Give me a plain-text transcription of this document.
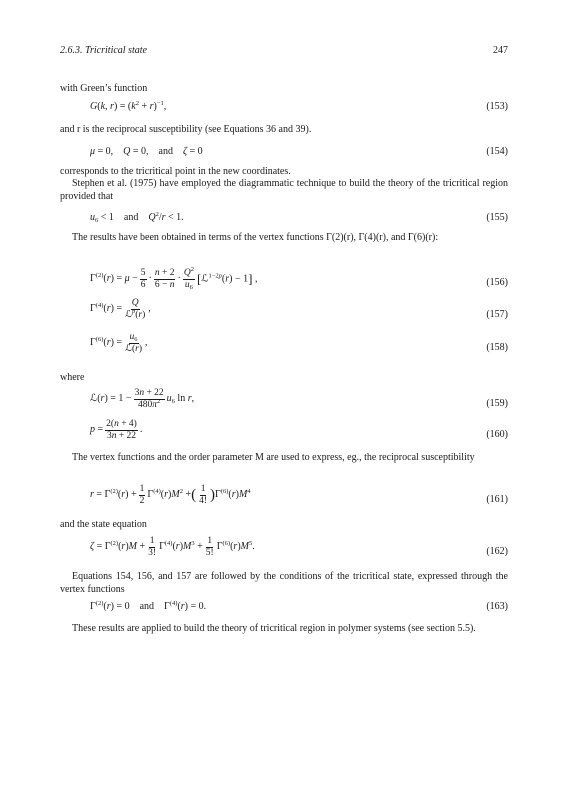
2.6.3. Tricritical state	247
with Green’s function
G(k, $r) = (k^2 + r)^{-1}$,	(153)
and r is the reciprocal susceptibility (see Equations 36 and 39).
μ = 0,    Q = 0,    and    ζ = 0	(154)
corresponds to the tricritical point in the new coordinates.
Stephen et al. (1975) have employed the diagrammatic technique to build the theory of the tricritical region provided that
$u_6 < 1$    and    $Q^2/r < 1$.	(155)
The results have been obtained in terms of the vertex functions Γ(2)(r), Γ(4)(r), and Γ(6)(r):
$\Gamma^{(2)}(r) = \mu - \frac{5}{6} \cdot \frac{n + 2}{6 - n} \cdot \frac{Q^2}{u_6}$ [ℒ$^{1-2p}$(r) − 1] ,	(156)
$\Gamma^{(4)}(r) = \frac{Q}{ℒ^p(r)}$ ,
(157)
$\Gamma^{(6)}(r) = \frac{u_6}{\text{ℒ(r)}}$ ,	(158)
where
ℒ(r) = $1 - \frac{3n + 22}{480\pi^2} u_6$ ln r,	(159)
$p = \frac{2(n + 4)}{3n + 22}$ .	(160)
The vertex functions and the order parameter M are used to express, eg., the reciprocal susceptibility
$r = \Gamma^{(2)}(r) + \frac{1}{2} \Gamma^{(4)}(r)M^2$ + ( $\frac{1}{4!}$ ) $\Gamma^{(6)}(r)M^4$
(161)
and the state equation
$\zeta = \Gamma^{(2)}(r)M + \frac{1}{3!} \Gamma^{(4)}(r)M^3 + \frac{1}{5!} \Gamma^{(6)}(r)M^5$.	(162)
Equations 154, 156, and 157 are followed by the conditions of the tricritical state, expressed through the vertex functions
$\Gamma^{(2)}(r) = 0$    and    $\Gamma^{(4)}(r) = 0$.	(163)
These results are applied to build the theory of tricritical region in polymer systems (see section 5.5).
